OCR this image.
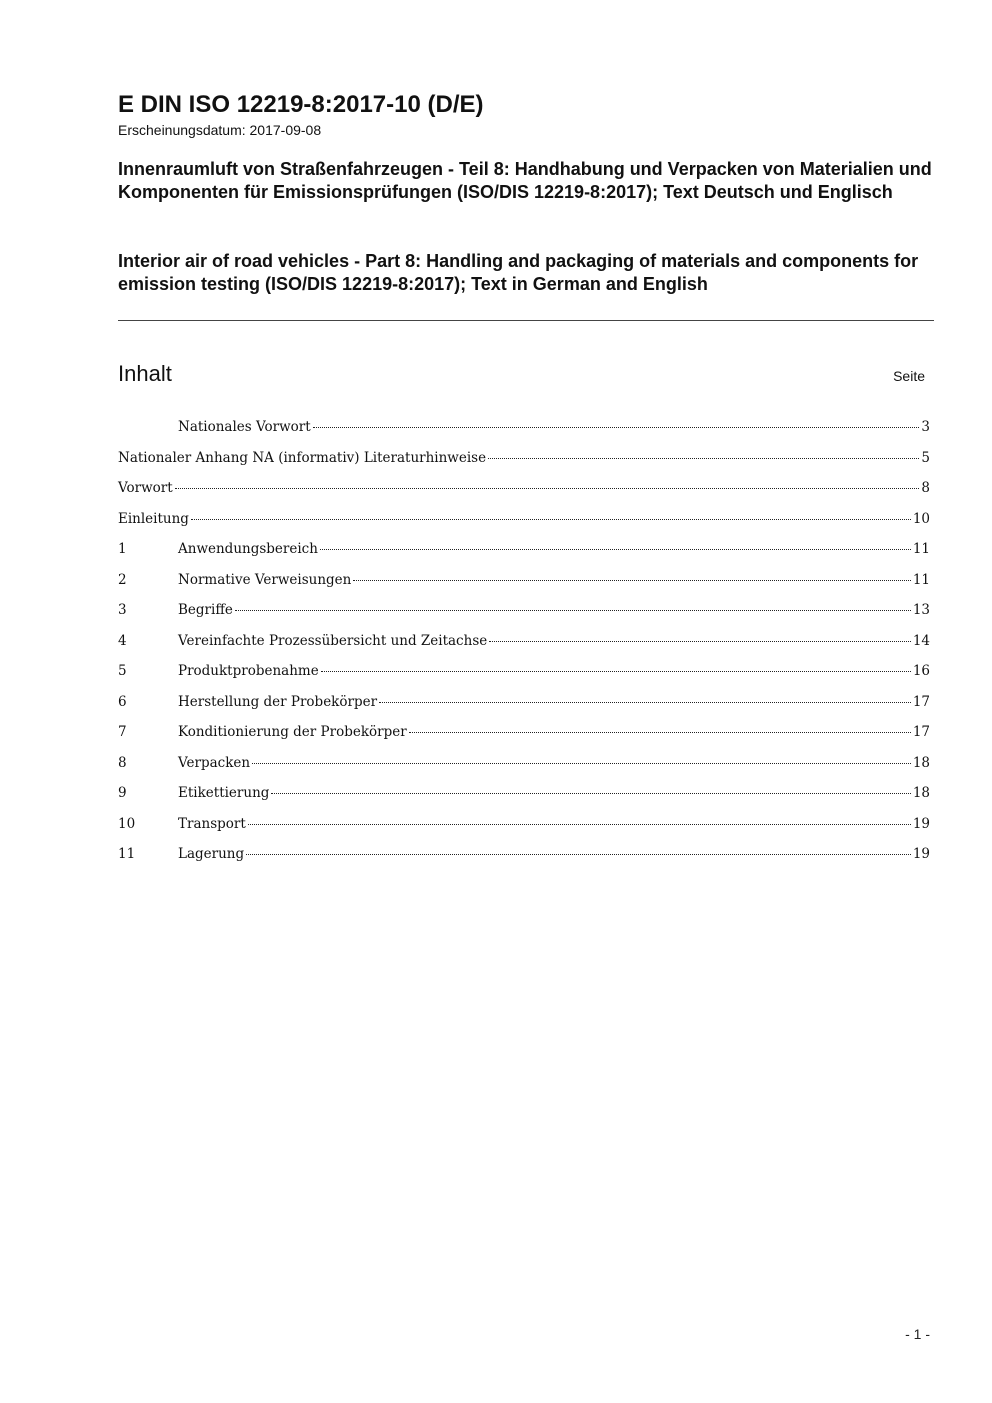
E DIN ISO 12219-8:2017-10 (D/E)
Erscheinungsdatum: 2017-09-08

Innenraumluft von Straßenfahrzeugen - Teil 8: Handhabung und Verpacken von Materialien und Komponenten für Emissionsprüfungen (ISO/DIS 12219-8:2017); Text Deutsch und Englisch

Interior air of road vehicles - Part 8: Handling and packaging of materials and components for emission testing (ISO/DIS 12219-8:2017); Text in German and English

Inhalt	Seite
Nationales Vorwort	3
Nationaler Anhang NA (informativ) Literaturhinweise	5
Vorwort	8
Einleitung	10
1	Anwendungsbereich	11
2	Normative Verweisungen	11
3	Begriffe	13
4	Vereinfachte Prozessübersicht und Zeitachse	14
5	Produktprobenahme	16
6	Herstellung der Probekörper	17
7	Konditionierung der Probekörper	17
8	Verpacken	18
9	Etikettierung	18
10	Transport	19
11	Lagerung	19
- 1 -
